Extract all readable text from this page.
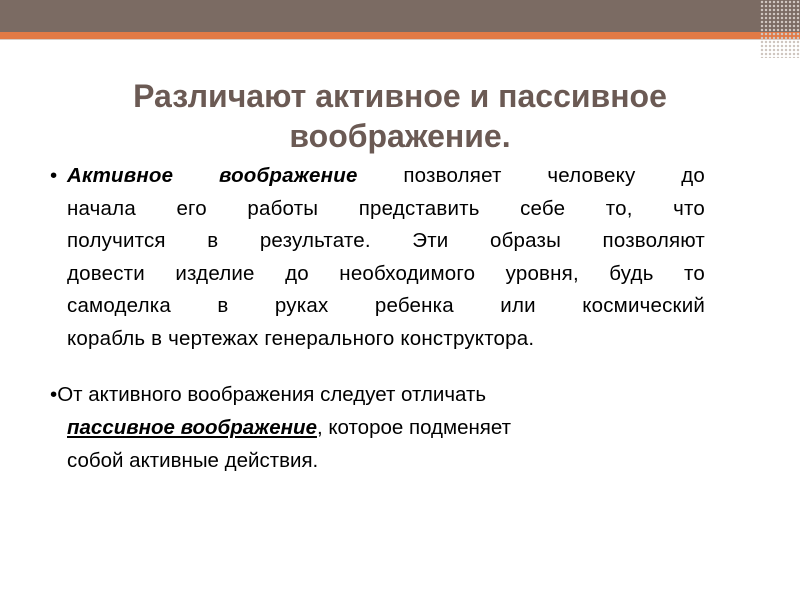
Различают активное и пассивное
воображение.
• Активное воображение позволяет человеку до
начала его работы представить себе то, что
получится в результате. Эти образы позволяют
довести изделие до необходимого уровня, будь то
самоделка в руках ребенка или космический
корабль в чертежах генерального конструктора.
•От активного воображения следует отличать
пассивное воображение, которое подменяет
собой активные действия.
